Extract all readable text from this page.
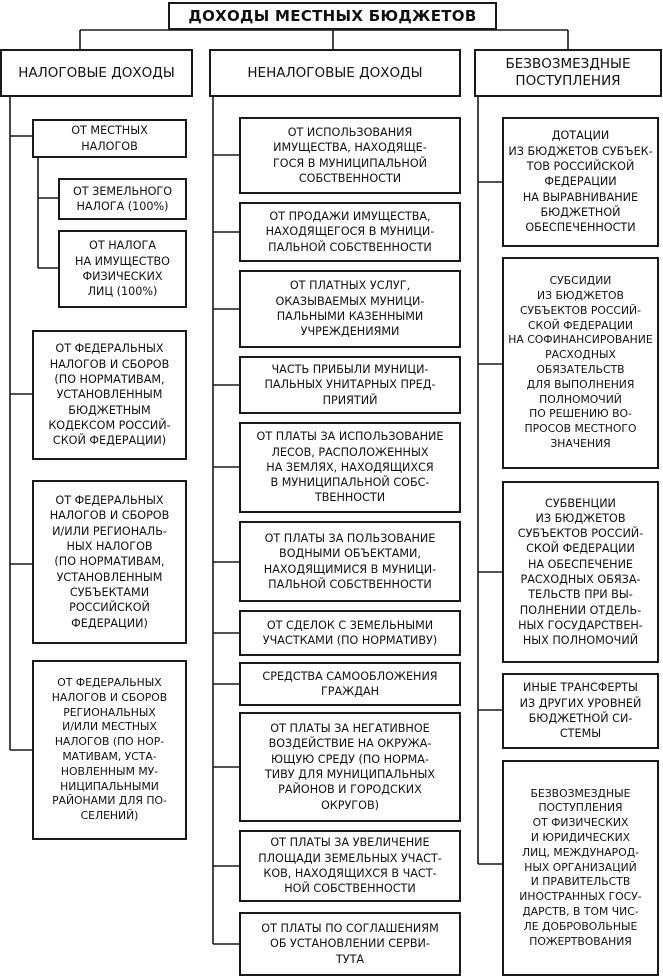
ДОХОДЫ МЕСТНЫХ БЮДЖЕТОВ
НАЛОГОВЫЕ ДОХОДЫ	НЕНАЛОГОВЫЕ ДОХОДЫ
БЕЗВОЗМЕЗДНЫЕ
ПОСТУПЛЕНИЯ
ОТ МЕСТНЫХ
НАЛОГОВ
ОТ ЗЕМЕЛЬНОГО
НАЛОГА (100%)
ОТ НАЛОГА
НА ИМУЩЕСТВО
ФИЗИЧЕСКИХ
ЛИЦ (100%)
ОТ ФЕДЕРАЛЬНЫХ
НАЛОГОВ И СБОРОВ
(ПО НОРМАТИВАМ,
УСТАНОВЛЕННЫМ
БЮДЖЕТНЫМ
КОДЕКСОМ РОССИЙ-
СКОЙ ФЕДЕРАЦИИ)
ОТ ФЕДЕРАЛЬНЫХ
НАЛОГОВ И СБОРОВ
И/ИЛИ РЕГИОНАЛЬ-
НЫХ НАЛОГОВ
(ПО НОРМАТИВАМ,
УСТАНОВЛЕННЫМ
СУБЪЕКТАМИ
РОССИЙСКОЙ
ФЕДЕРАЦИИ)
ОТ ФЕДЕРАЛЬНЫХ
НАЛОГОВ И СБОРОВ
РЕГИОНАЛЬНЫХ
И/ИЛИ МЕСТНЫХ
НАЛОГОВ (ПО НОР-
МАТИВАМ, УСТА-
НОВЛЕННЫМ МУ-
НИЦИПАЛЬНЫМИ
РАЙОНАМИ ДЛЯ ПО-
СЕЛЕНИЙ)
ОТ ИСПОЛЬЗОВАНИЯ
ИМУЩЕСТВА, НАХОДЯЩЕ-
ГОСЯ В МУНИЦИПАЛЬНОЙ
СОБСТВЕННОСТИ
ОТ ПРОДАЖИ ИМУЩЕСТВА,
НАХОДЯЩЕГОСЯ В МУНИЦИ-
ПАЛЬНОЙ СОБСТВЕННОСТИ
ОТ ПЛАТНЫХ УСЛУГ,
ОКАЗЫВАЕМЫХ МУНИЦИ-
ПАЛЬНЫМИ КАЗЕННЫМИ
УЧРЕЖДЕНИЯМИ
ЧАСТЬ ПРИБЫЛИ МУНИЦИ-
ПАЛЬНЫХ УНИТАРНЫХ ПРЕД-
ПРИЯТИЙ
ОТ ПЛАТЫ ЗА ИСПОЛЬЗОВАНИЕ
ЛЕСОВ, РАСПОЛОЖЕННЫХ
НА ЗЕМЛЯХ, НАХОДЯЩИХСЯ
В МУНИЦИПАЛЬНОЙ СОБС-
ТВЕННОСТИ
ОТ ПЛАТЫ ЗА ПОЛЬЗОВАНИЕ
ВОДНЫМИ ОБЪЕКТАМИ,
НАХОДЯЩИМИСЯ В МУНИЦИ-
ПАЛЬНОЙ СОБСТВЕННОСТИ
ОТ СДЕЛОК С ЗЕМЕЛЬНЫМИ
УЧАСТКАМИ (ПО НОРМАТИВУ)
СРЕДСТВА САМООБЛОЖЕНИЯ
ГРАЖДАН
ОТ ПЛАТЫ ЗА НЕГАТИВНОЕ
ВОЗДЕЙСТВИЕ НА ОКРУЖА-
ЮЩУЮ СРЕДУ (ПО НОРМА-
ТИВУ ДЛЯ МУНИЦИПАЛЬНЫХ
РАЙОНОВ И ГОРОДСКИХ
ОКРУГОВ)
ОТ ПЛАТЫ ЗА УВЕЛИЧЕНИЕ
ПЛОЩАДИ ЗЕМЕЛЬНЫХ УЧАСТ-
КОВ, НАХОДЯЩИХСЯ В ЧАСТ-
НОЙ СОБСТВЕННОСТИ
ОТ ПЛАТЫ ПО СОГЛАШЕНИЯМ
ОБ УСТАНОВЛЕНИИ СЕРВИ-
ТУТА
ДОТАЦИИ
ИЗ БЮДЖЕТОВ СУБЪЕК-
ТОВ РОССИЙСКОЙ
ФЕДЕРАЦИИ
НА ВЫРАВНИВАНИЕ
БЮДЖЕТНОЙ
ОБЕСПЕЧЕННОСТИ
СУБСИДИИ
ИЗ БЮДЖЕТОВ
СУБЪЕКТОВ РОССИЙ-
СКОЙ ФЕДЕРАЦИИ
НА СОФИНАНСИРОВАНИЕ
РАСХОДНЫХ
ОБЯЗАТЕЛЬСТВ
ДЛЯ ВЫПОЛНЕНИЯ
ПОЛНОМОЧИЙ
ПО РЕШЕНИЮ ВО-
ПРОСОВ МЕСТНОГО
ЗНАЧЕНИЯ
СУБВЕНЦИИ
ИЗ БЮДЖЕТОВ
СУБЪЕКТОВ РОССИЙ-
СКОЙ ФЕДЕРАЦИИ
НА ОБЕСПЕЧЕНИЕ
РАСХОДНЫХ ОБЯЗА-
ТЕЛЬСТВ ПРИ ВЫ-
ПОЛНЕНИИ ОТДЕЛЬ-
НЫХ ГОСУДАРСТВЕН-
НЫХ ПОЛНОМОЧИЙ
ИНЫЕ ТРАНСФЕРТЫ
ИЗ ДРУГИХ УРОВНЕЙ
БЮДЖЕТНОЙ СИ-
СТЕМЫ
БЕЗВОЗМЕЗДНЫЕ
ПОСТУПЛЕНИЯ
ОТ ФИЗИЧЕСКИХ
И ЮРИДИЧЕСКИХ
ЛИЦ, МЕЖДУНАРОД-
НЫХ ОРГАНИЗАЦИЙ
И ПРАВИТЕЛЬСТВ
ИНОСТРАННЫХ ГОСУ-
ДАРСТВ, В ТОМ ЧИС-
ЛЕ ДОБРОВОЛЬНЫЕ
ПОЖЕРТВОВАНИЯ
